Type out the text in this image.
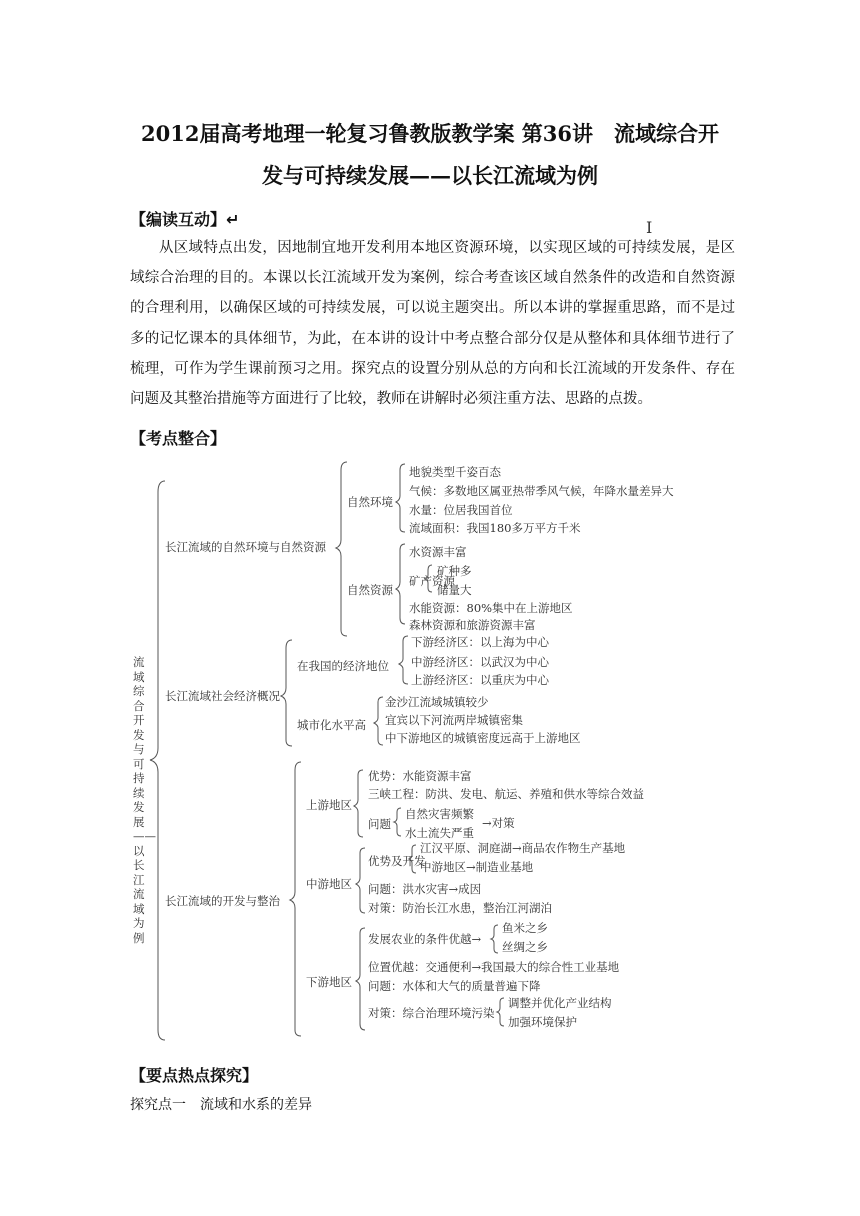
2012届高考地理一轮复习鲁教版教学案 第36讲　流域综合开
发与可持续发展——以长江流域为例
【编读互动】↵	I

从区域特点出发，因地制宜地开发利用本地区资源环境，以实现区域的可持续发展，是区域综合治理的目的。本课以长江流域开发为案例，综合考查该区域自然条件的改造和自然资源的合理利用，以确保区域的可持续发展，可以说主题突出。所以本讲的掌握重思路，而不是过多的记忆课本的具体细节，为此，在本讲的设计中考点整合部分仅是从整体和具体细节进行了梳理，可作为学生课前预习之用。探究点的设置分别从总的方向和长江流域的开发条件、存在问题及其整治措施等方面进行了比较，教师在讲解时必须注重方法、思路的点拨。

【考点整合】
流域综合开发与可持续发展——以长江流域为例
长江流域的自然环境与自然资源
自然环境
地貌类型千姿百态
气候：多数地区属亚热带季风气候，年降水量差异大
水量：位居我国首位
流域面积：我国180多万平方千米
自然资源
水资源丰富
矿产资源
矿种多
储量大
水能资源：80%集中在上游地区
森林资源和旅游资源丰富
长江流域社会经济概况
在我国的经济地位
下游经济区：以上海为中心
中游经济区：以武汉为中心
上游经济区：以重庆为中心
城市化水平高
金沙江流域城镇较少
宜宾以下河流两岸城镇密集
中下游地区的城镇密度远高于上游地区
长江流域的开发与整治
上游地区
优势：水能资源丰富
三峡工程：防洪、发电、航运、养殖和供水等综合效益
问题
自然灾害频繁
水土流失严重
→对策
中游地区
优势及开发
江汉平原、洞庭湖→商品农作物生产基地
中游地区→制造业基地
问题：洪水灾害→成因
对策：防治长江水患，整治江河湖泊
下游地区
发展农业的条件优越→
鱼米之乡
丝绸之乡
位置优越：交通便利→我国最大的综合性工业基地
问题：水体和大气的质量普遍下降
对策：综合治理环境污染
调整并优化产业结构
加强环境保护
【要点热点探究】
探究点一　流域和水系的差异
